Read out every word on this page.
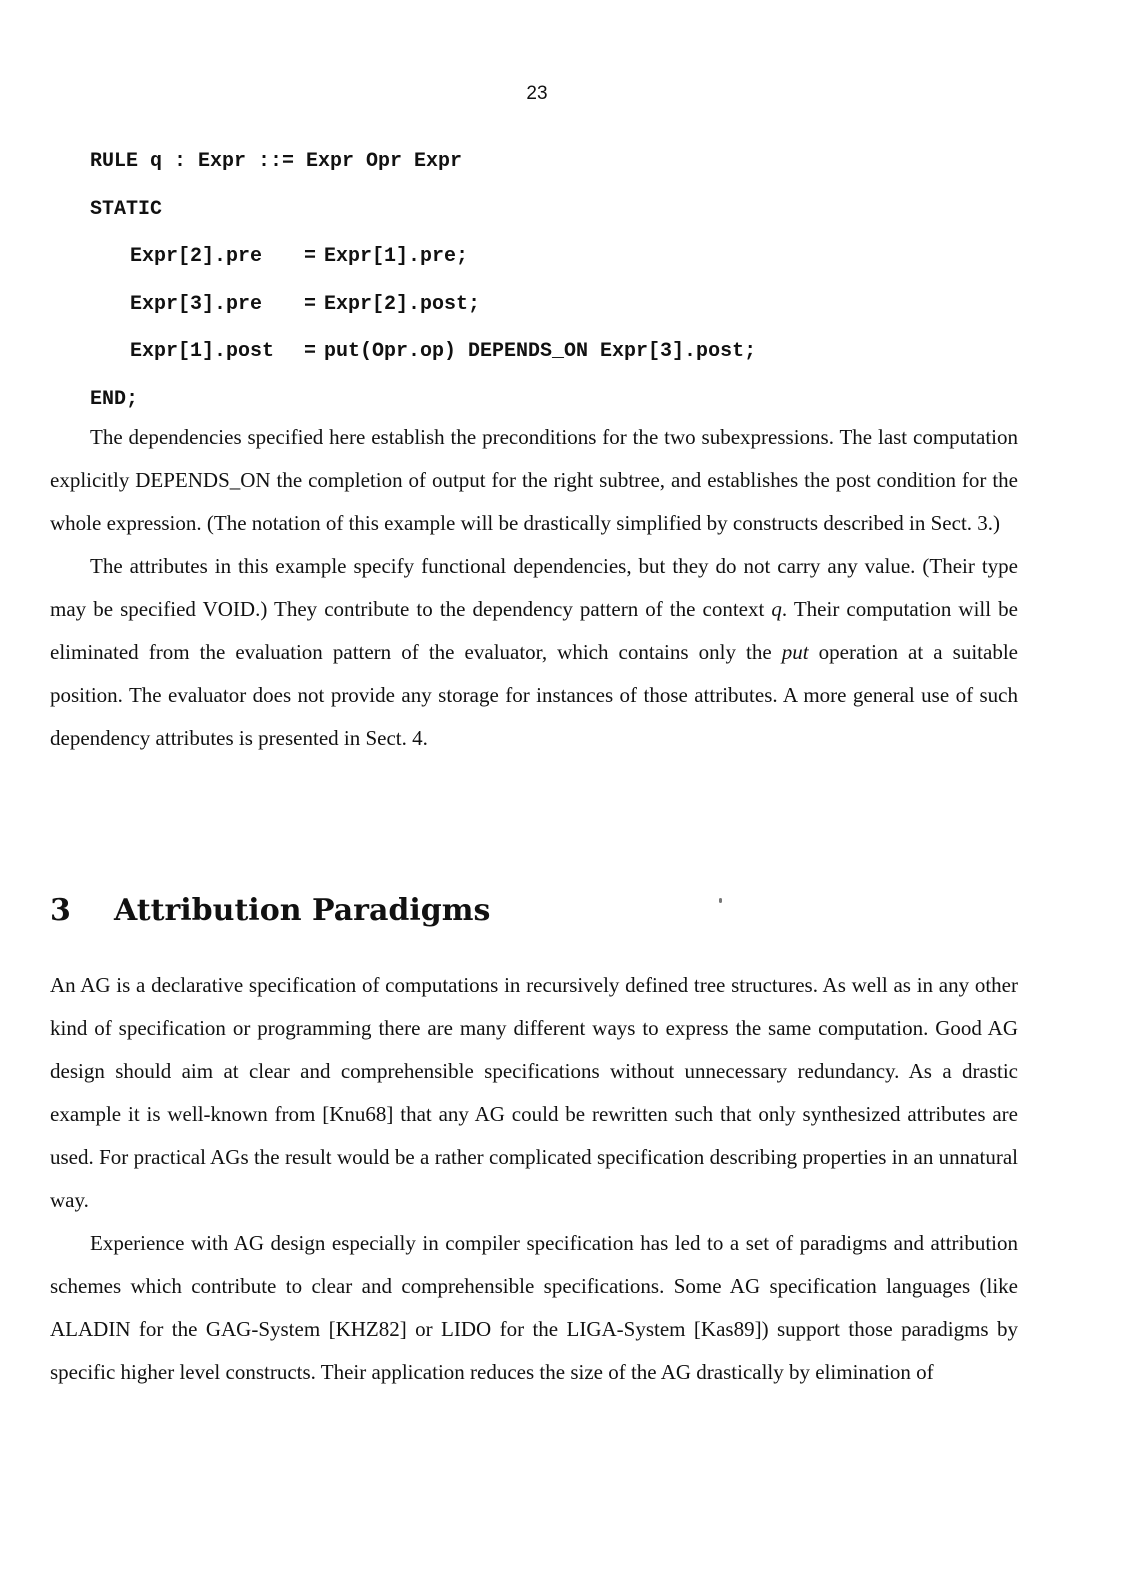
23
RULE q : Expr ::= Expr Opr Expr
STATIC
Expr[2].pre = Expr[1].pre;
Expr[3].pre = Expr[2].post;
Expr[1].post = put(Opr.op) DEPENDS_ON Expr[3].post;
END;

The dependencies specified here establish the preconditions for the two subexpressions. The last computation explicitly DEPENDS_ON the completion of output for the right subtree, and establishes the post condition for the whole expression. (The notation of this example will be drastically simplified by constructs described in Sect. 3.)

The attributes in this example specify functional dependencies, but they do not carry any value. (Their type may be specified VOID.) They contribute to the dependency pattern of the context q. Their computation will be eliminated from the evaluation pattern of the evaluator, which contains only the put operation at a suitable position. The evaluator does not provide any storage for instances of those attributes. A more general use of such dependency attributes is presented in Sect. 4.

3 Attribution Paradigms

An AG is a declarative specification of computations in recursively defined tree structures. As well as in any other kind of specification or programming there are many different ways to express the same computation. Good AG design should aim at clear and comprehensible specifications without unnecessary redundancy. As a drastic example it is well-known from [Knu68] that any AG could be rewritten such that only synthesized attributes are used. For practical AGs the result would be a rather complicated specification describing properties in an unnatural way.

Experience with AG design especially in compiler specification has led to a set of paradigms and attribution schemes which contribute to clear and comprehensible specifications. Some AG specification languages (like ALADIN for the GAG-System [KHZ82] or LIDO for the LIGA-System [Kas89]) support those paradigms by specific higher level constructs. Their application reduces the size of the AG drastically by elimination of
